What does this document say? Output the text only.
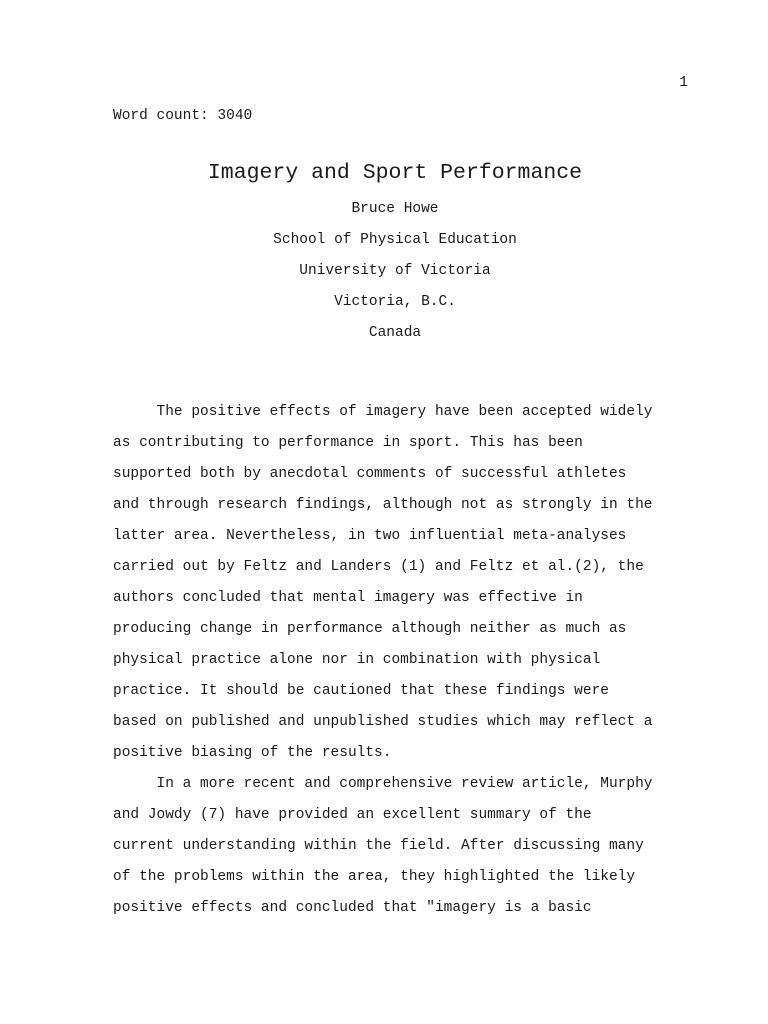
1
Word count: 3040
Imagery and Sport Performance
Bruce Howe
School of Physical Education
University of Victoria
Victoria, B.C.
Canada
The positive effects of imagery have been accepted widely
as contributing to performance in sport. This has been
supported both by anecdotal comments of successful athletes
and through research findings, although not as strongly in the
latter area. Nevertheless, in two influential meta-analyses
carried out by Feltz and Landers (1) and Feltz et al.(2), the
authors concluded that mental imagery was effective in
producing change in performance although neither as much as
physical practice alone nor in combination with physical
practice. It should be cautioned that these findings were
based on published and unpublished studies which may reflect a
positive biasing of the results.
In a more recent and comprehensive review article, Murphy
and Jowdy (7) have provided an excellent summary of the
current understanding within the field. After discussing many
of the problems within the area, they highlighted the likely
positive effects and concluded that "imagery is a basic
